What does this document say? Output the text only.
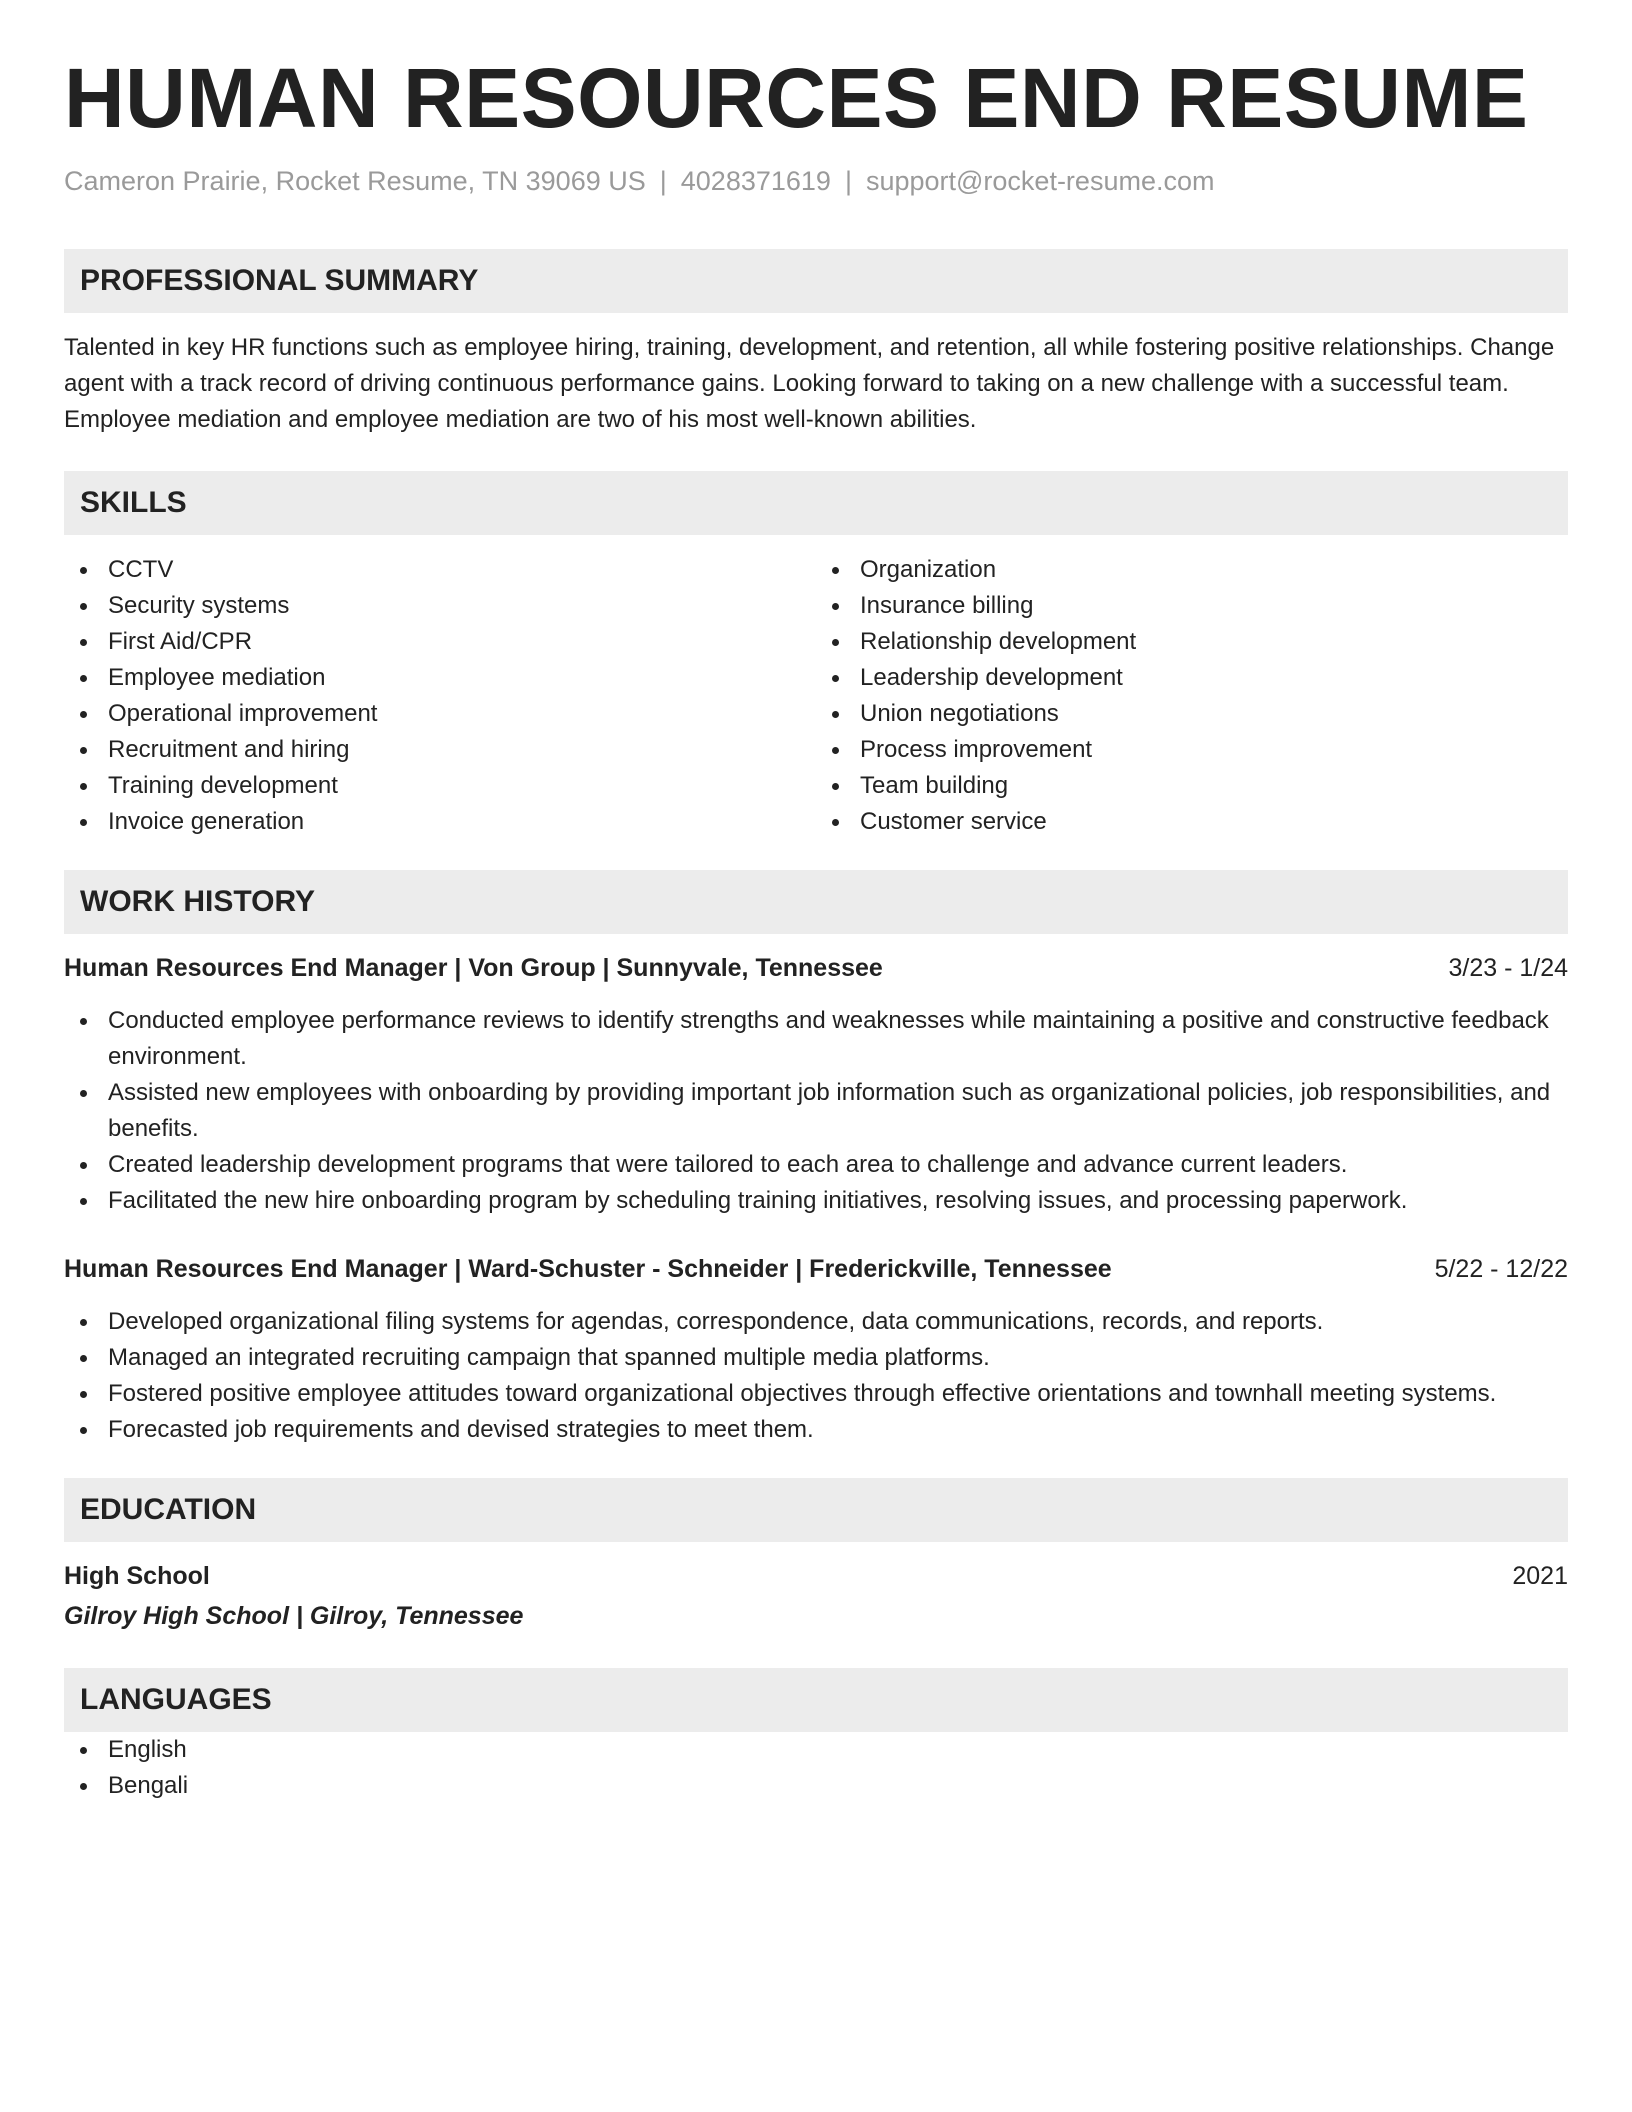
HUMAN RESOURCES END RESUME
Cameron Prairie, Rocket Resume, TN 39069 US | 4028371619 | support@rocket-resume.com
PROFESSIONAL SUMMARY

Talented in key HR functions such as employee hiring, training, development, and retention, all while fostering positive relationships. Change agent with a track record of driving continuous performance gains. Looking forward to taking on a new challenge with a successful team. Employee mediation and employee mediation are two of his most well-known abilities.

SKILLS
CCTV
Security systems
First Aid/CPR
Employee mediation
Operational improvement
Recruitment and hiring
Training development
Invoice generation
Organization
Insurance billing
Relationship development
Leadership development
Union negotiations
Process improvement
Team building
Customer service
WORK HISTORY
Human Resources End Manager | Von Group | Sunnyvale, Tennessee	3/23 - 1/24
Conducted employee performance reviews to identify strengths and weaknesses while maintaining a positive and constructive feedback environment.
Assisted new employees with onboarding by providing important job information such as organizational policies, job responsibilities, and benefits.
Created leadership development programs that were tailored to each area to challenge and advance current leaders.
Facilitated the new hire onboarding program by scheduling training initiatives, resolving issues, and processing paperwork.
Human Resources End Manager | Ward-Schuster - Schneider | Frederickville, Tennessee	5/22 - 12/22
Developed organizational filing systems for agendas, correspondence, data communications, records, and reports.
Managed an integrated recruiting campaign that spanned multiple media platforms.
Fostered positive employee attitudes toward organizational objectives through effective orientations and townhall meeting systems.
Forecasted job requirements and devised strategies to meet them.
EDUCATION
High School	2021
Gilroy High School | Gilroy, Tennessee
LANGUAGES
English
Bengali
